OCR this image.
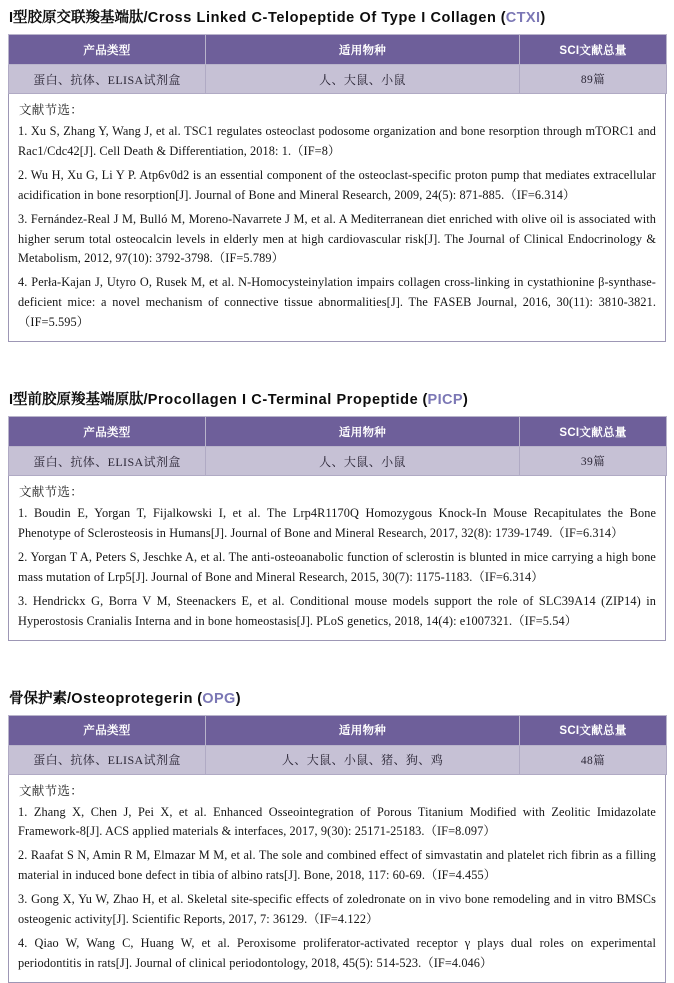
I型胶原交联羧基端肽/Cross Linked C-Telopeptide Of Type I Collagen (CTXI)
产品类型	适用物种	SCI文献总量
蛋白、抗体、ELISA试剂盒	人、大鼠、小鼠	89篇
文献节选：

1. Xu S, Zhang Y, Wang J, et al. TSC1 regulates osteoclast podosome organization and bone resorption through mTORC1 and Rac1/Cdc42[J]. Cell Death & Differentiation, 2018: 1.（IF=8）

2. Wu H, Xu G, Li Y P. Atp6v0d2 is an essential component of the osteoclast-specific proton pump that mediates extracellular acidification in bone resorption[J]. Journal of Bone and Mineral Research, 2009, 24(5): 871-885.（IF=6.314）

3. Fernández-Real J M, Bulló M, Moreno-Navarrete J M, et al. A Mediterranean diet enriched with olive oil is associated with higher serum total osteocalcin levels in elderly men at high cardiovascular risk[J]. The Journal of Clinical Endocrinology & Metabolism, 2012, 97(10): 3792-3798.（IF=5.789）

4. Perła-Kajan J, Utyro O, Rusek M, et al. N-Homocysteinylation impairs collagen cross-linking in cystathionine β-synthase-deficient mice: a novel mechanism of connective tissue abnormalities[J]. The FASEB Journal, 2016, 30(11): 3810-3821.（IF=5.595）

I型前胶原羧基端原肽/Procollagen I C-Terminal Propeptide (PICP)
产品类型	适用物种	SCI文献总量
蛋白、抗体、ELISA试剂盒	人、大鼠、小鼠	39篇
文献节选：

1. Boudin E, Yorgan T, Fijalkowski I, et al. The Lrp4R1170Q Homozygous Knock-In Mouse Recapitulates the Bone Phenotype of Sclerosteosis in Humans[J]. Journal of Bone and Mineral Research, 2017, 32(8): 1739-1749.（IF=6.314）

2. Yorgan T A, Peters S, Jeschke A, et al. The anti-osteoanabolic function of sclerostin is blunted in mice carrying a high bone mass mutation of Lrp5[J]. Journal of Bone and Mineral Research, 2015, 30(7): 1175-1183.（IF=6.314）

3. Hendrickx G, Borra V M, Steenackers E, et al. Conditional mouse models support the role of SLC39A14 (ZIP14) in Hyperostosis Cranialis Interna and in bone homeostasis[J]. PLoS genetics, 2018, 14(4): e1007321.（IF=5.54）

骨保护素/Osteoprotegerin (OPG)
产品类型	适用物种	SCI文献总量
蛋白、抗体、ELISA试剂盒	人、大鼠、小鼠、猪、狗、鸡	48篇
文献节选：

1. Zhang X, Chen J, Pei X, et al. Enhanced Osseointegration of Porous Titanium Modified with Zeolitic Imidazolate Framework-8[J]. ACS applied materials & interfaces, 2017, 9(30): 25171-25183.（IF=8.097）

2. Raafat S N, Amin R M, Elmazar M M, et al. The sole and combined effect of simvastatin and platelet rich fibrin as a filling material in induced bone defect in tibia of albino rats[J]. Bone, 2018, 117: 60-69.（IF=4.455）

3. Gong X, Yu W, Zhao H, et al. Skeletal site-specific effects of zoledronate on in vivo bone remodeling and in vitro BMSCs osteogenic activity[J]. Scientific Reports, 2017, 7: 36129.（IF=4.122）

4. Qiao W, Wang C, Huang W, et al. Peroxisome proliferator-activated receptor γ plays dual roles on experimental periodontitis in rats[J]. Journal of clinical periodontology, 2018, 45(5): 514-523.（IF=4.046）
